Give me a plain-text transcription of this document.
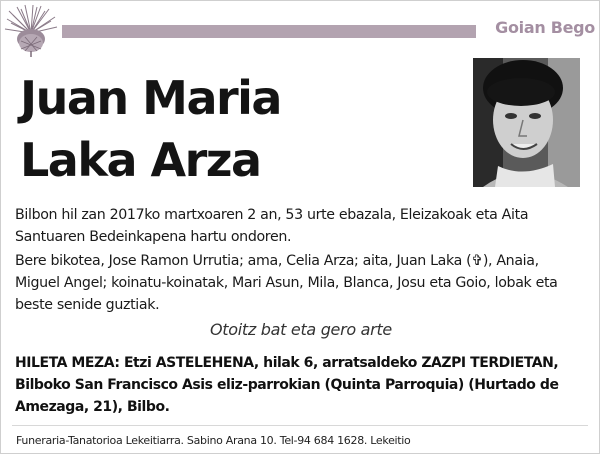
Goian Bego
Juan Maria
Laka Arza
Bilbon hil zan 2017ko martxoaren 2 an, 53 urte ebazala, Eleizakoak eta Aita Santuaren Bedeinkapena hartu ondoren.
Bere bikotea, Jose Ramon Urrutia; ama, Celia Arza; aita, Juan Laka (✞), Anaia, Miguel Angel; koinatu-koinatak, Mari Asun, Mila, Blanca, Josu eta Goio, lobak eta beste senide guztiak.
Otoitz bat eta gero arte
HILETA MEZA: Etzi ASTELEHENA, hilak 6, arratsaldeko ZAZPI TERDIETAN, Bilboko San Francisco Asis eliz-parrokian (Quinta Parroquia) (Hurtado de Amezaga, 21), Bilbo.
Funeraria-Tanatorioa Lekeitiarra. Sabino Arana 10. Tel-94 684 1628. Lekeitio
